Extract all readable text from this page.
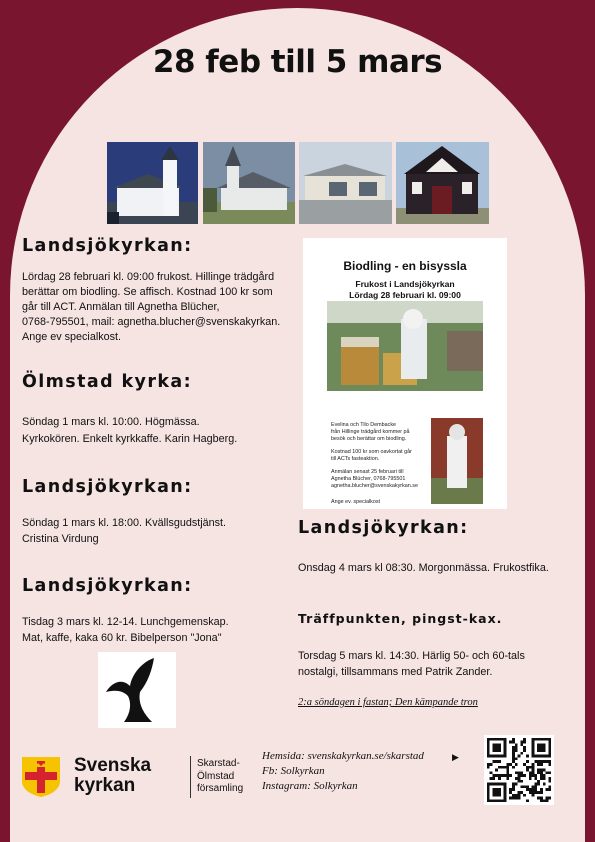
28 feb till 5 mars
Landsjökyrkan:
Lördag 28 februari kl. 09:00 frukost. Hillinge trädgård
berättar om biodling. Se affisch. Kostnad 100 kr som
går till ACT. Anmälan till Agnetha Blücher,
0768-795501, mail: agnetha.blucher@svenskakyrkan.
Ange ev specialkost.
Ölmstad kyrka:
Söndag 1 mars kl. 10:00. Högmässa.
Kyrkokören. Enkelt kyrkkaffe. Karin Hagberg.
Landsjökyrkan:
Söndag 1 mars kl. 18:00. Kvällsgudstjänst.
Cristina Virdung
Landsjökyrkan:
Tisdag 3 mars kl. 12-14. Lunchgemenskap.
Mat, kaffe, kaka 60 kr. Bibelperson "Jona"
Biodling - en bisyssla
Frukost i Landsjökyrkan
Lördag 28 februari kl. 09:00
Evelina och Tilo Dembacke
från Hillinge trädgård kommer på
besök och berättar om biodling.
Kostnad 100 kr som oavkortat går
till ACTs fasteaktion.
Anmälan senast 25 februari till
Agnetha Blücher, 0768-795501
agnetha.blucher@svenskakyrkan.se
Ange ev. specialkost
Landsjökyrkan:
Onsdag 4 mars kl 08:30. Morgonmässa. Frukostfika.
Träffpunkten, pingst-kax.
Torsdag 5 mars kl. 14:30. Härlig 50- och 60-tals
nostalgi, tillsammans med Patrik Zander.
2:a söndagen i fastan; Den kämpande tron
Svenska
kyrkan
Skarstad-
Ölmstad
församling
Hemsida: svenskakyrkan.se/skarstad
Fb: Solkyrkan
Instagram: Solkyrkan
▶
